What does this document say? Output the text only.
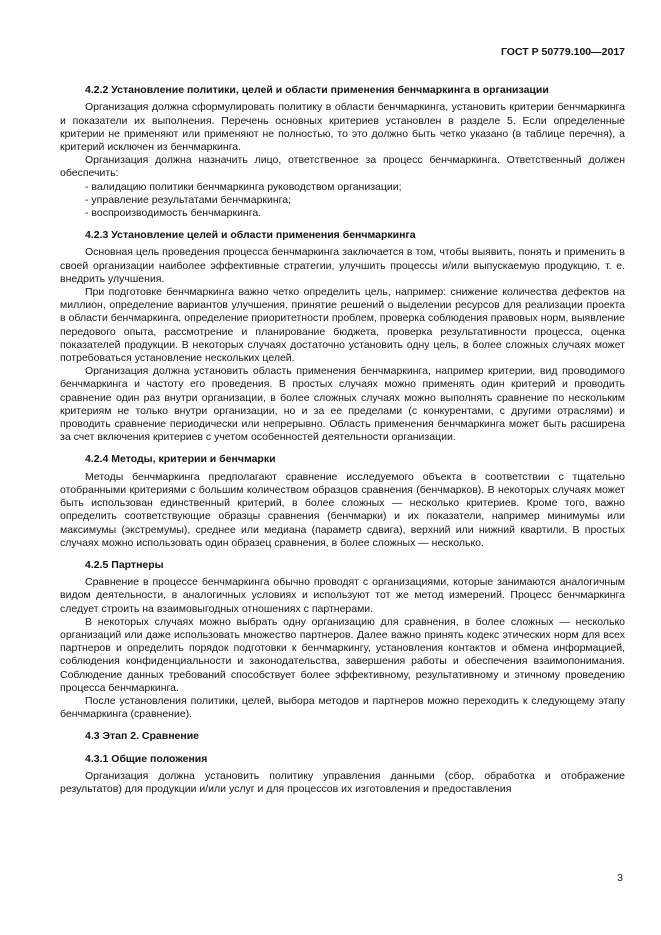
ГОСТ Р 50779.100—2017

4.2.2 Установление политики, целей и области применения бенчмаркинга в организации

Организация должна сформулировать политику в области бенчмаркинга, установить критерии бенчмаркинга и показатели их выполнения. Перечень основных критериев установлен в разделе 5. Если определенные критерии не применяют или применяют не полностью, то это должно быть четко указано (в таблице перечня), а критерий исключен из бенчмаркинга.

Организация должна назначить лицо, ответственное за процесс бенчмаркинга. Ответственный должен обеспечить:

- валидацию политики бенчмаркинга руководством организации;

- управление результатами бенчмаркинга;

- воспроизводимость бенчмаркинга.

4.2.3 Установление целей и области применения бенчмаркинга

Основная цель проведения процесса бенчмаркинга заключается в том, чтобы выявить, понять и применить в своей организации наиболее эффективные стратегии, улучшить процессы и/или выпускаемую продукцию, т. е. внедрить улучшения.

При подготовке бенчмаркинга важно четко определить цель, например: снижение количества дефектов на миллион, определение вариантов улучшения, принятие решений о выделении ресурсов для реализации проекта в области бенчмаркинга, определение приоритетности проблем, проверка соблюдения правовых норм, выявление передового опыта, рассмотрение и планирование бюджета, проверка результативности процесса, оценка показателей продукции. В некоторых случаях достаточно установить одну цель, в более сложных случаях может потребоваться установление нескольких целей.

Организация должна установить область применения бенчмаркинга, например критерии, вид проводимого бенчмаркинга и частоту его проведения. В простых случаях можно применять один критерий и проводить сравнение один раз внутри организации, в более сложных случаях можно выполнять сравнение по нескольким критериям не только внутри организации, но и за ее пределами (с конкурентами, с другими отраслями) и проводить сравнение периодически или непрерывно. Область применения бенчмаркинга может быть расширена за счет включения критериев с учетом особенностей деятельности организации.

4.2.4 Методы, критерии и бенчмарки

Методы бенчмаркинга предполагают сравнение исследуемого объекта в соответствии с тщательно отобранными критериями с большим количеством образцов сравнения (бенчмарков). В некоторых случаях может быть использован единственный критерий, в более сложных — несколько критериев. Кроме того, важно определить соответствующие образцы сравнения (бенчмарки) и их показатели, например минимумы или максимумы (экстремумы), среднее или медиана (параметр сдвига), верхний или нижний квартили. В простых случаях можно использовать один образец сравнения, в более сложных — несколько.

4.2.5 Партнеры

Сравнение в процессе бенчмаркинга обычно проводят с организациями, которые занимаются аналогичным видом деятельности, в аналогичных условиях и используют тот же метод измерений. Процесс бенчмаркинга следует строить на взаимовыгодных отношениях с партнерами.

В некоторых случаях можно выбрать одну организацию для сравнения, в более сложных — несколько организаций или даже использовать множество партнеров. Далее важно принять кодекс этических норм для всех партнеров и определить порядок подготовки к бенчмаркингу, установления контактов и обмена информацией, соблюдения конфиденциальности и законодательства, завершения работы и обеспечения взаимопонимания. Соблюдение данных требований способствует более эффективному, результативному и этичному проведению процесса бенчмаркинга.

После установления политики, целей, выбора методов и партнеров можно переходить к следующему этапу бенчмаркинга (сравнение).

4.3 Этап 2. Сравнение

4.3.1 Общие положения

Организация должна установить политику управления данными (сбор, обработка и отображение результатов) для продукции и/или услуг и для процессов их изготовления и предоставления

3
